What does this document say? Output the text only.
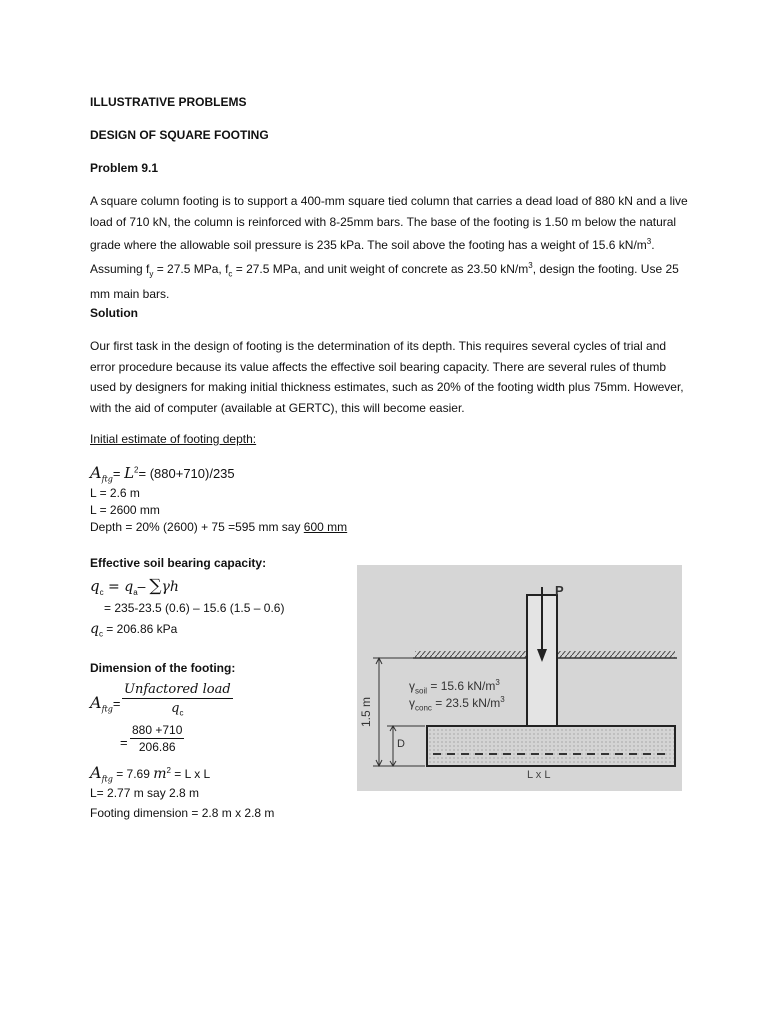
ILLUSTRATIVE PROBLEMS
DESIGN OF SQUARE FOOTING
Problem 9.1
A square column footing is to support a 400-mm square tied column that carries a dead load of 880 kN and a live load of 710 kN, the column is reinforced with 8-25mm bars. The base of the footing is 1.50 m below the natural grade where the allowable soil pressure is 235 kPa. The soil above the footing has a weight of 15.6 $kN/m^3$. Assuming $f_y = 27.5$ MPa, $f_c = 27.5$ MPa, and unit weight of concrete as 23.50 $kN/m^3$, design the footing. Use 25 mm main bars.
Solution
Our first task in the design of footing is the determination of its depth. This requires several cycles of trial and error procedure because its value affects the effective soil bearing capacity. There are several rules of thumb used by designers for making initial thickness estimates, such as 20% of the footing width plus 75mm. However, with the aid of computer (available at GERTC), this will become easier.
Initial estimate of footing depth:
$A_{ftg}= L^2= (880+710)/235$
L = 2.6 m
L = 2600 mm
Depth = 20% (2600) + 75 =595 mm say 600 mm
Effective soil bearing capacity:
$q_c = q_a-$ ∑γh
= 235-23.5 (0.6) – 15.6 (1.5 – 0.6)
$q_c = 206.86$ kPa
Dimension of the footing:
$A_{ftg}=$
Unfactored load
$q_c$
= $\frac{880 +710}{206.86}$
$A_{ftg} = 7.69$ $m^2 = L$ x L
L= 2.77 m say 2.8 m
Footing dimension = 2.8 m x 2.8 m
P
$\gamma_{soil} = 15.6$ $kN/m^3$
$\gamma_{conc} = 23.5$ $kN/m^3$
1.5 m
D
L x L
